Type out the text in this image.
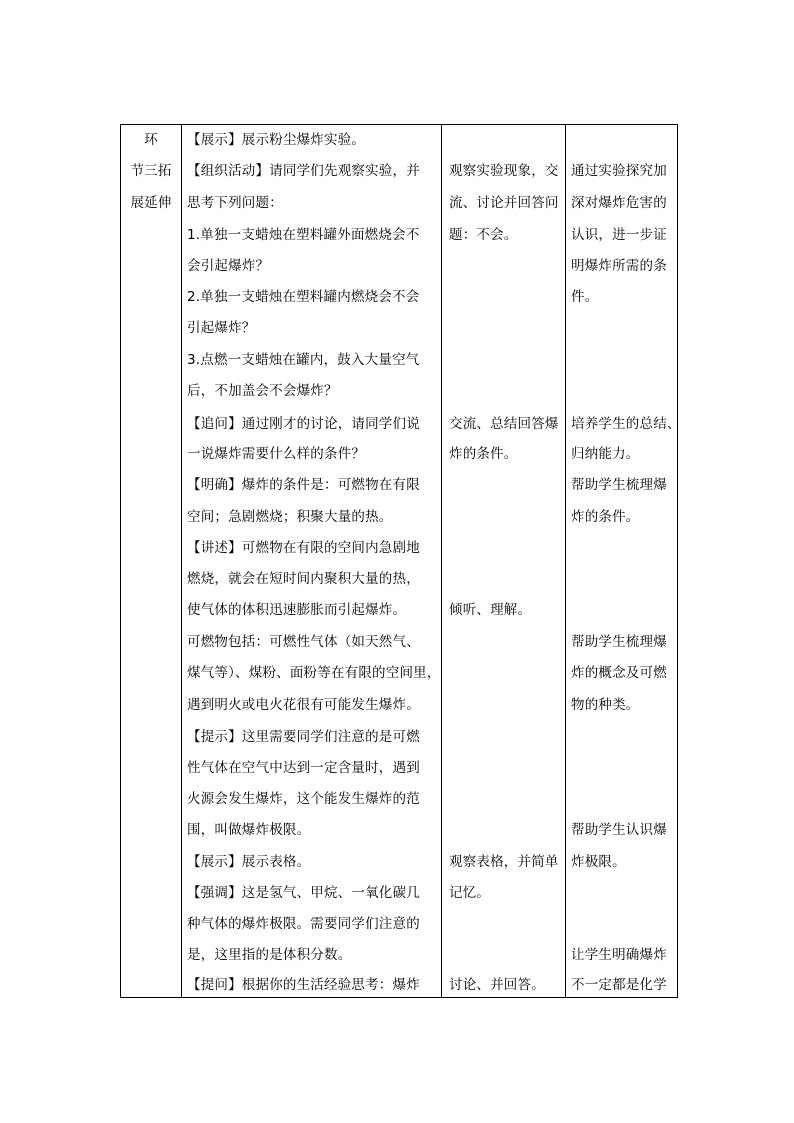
环
节三拓
展延伸
【展示】展示粉尘爆炸实验。
【组织活动】请同学们先观察实验，并
思考下列问题：
1.单独一支蜡烛在塑料罐外面燃烧会不
会引起爆炸？
2.单独一支蜡烛在塑料罐内燃烧会不会
引起爆炸？
3.点燃一支蜡烛在罐内，鼓入大量空气
后，不加盖会不会爆炸？
【追问】通过刚才的讨论，请同学们说
一说爆炸需要什么样的条件？
【明确】爆炸的条件是：可燃物在有限
空间；急剧燃烧；积聚大量的热。
【讲述】可燃物在有限的空间内急剧地
燃烧，就会在短时间内聚积大量的热，
使气体的体积迅速膨胀而引起爆炸。
可燃物包括：可燃性气体（如天然气、
煤气等）、煤粉、面粉等在有限的空间里，
遇到明火或电火花很有可能发生爆炸。
【提示】这里需要同学们注意的是可燃
性气体在空气中达到一定含量时，遇到
火源会发生爆炸，这个能发生爆炸的范
围，叫做爆炸极限。
【展示】展示表格。
【强调】这是氢气、甲烷、一氧化碳几
种气体的爆炸极限。需要同学们注意的
是，这里指的是体积分数。
【提问】根据你的生活经验思考：爆炸
观察实验现象，交
流、讨论并回答问
题：不会。
交流、总结回答爆
炸的条件。
倾听、理解。
观察表格，并简单
记忆。
讨论、并回答。
通过实验探究加
深对爆炸危害的
认识，进一步证
明爆炸所需的条
件。
培养学生的总结、
归纳能力。
帮助学生梳理爆
炸的条件。
帮助学生梳理爆
炸的概念及可燃
物的种类。
帮助学生认识爆
炸极限。
让学生明确爆炸
不一定都是化学
